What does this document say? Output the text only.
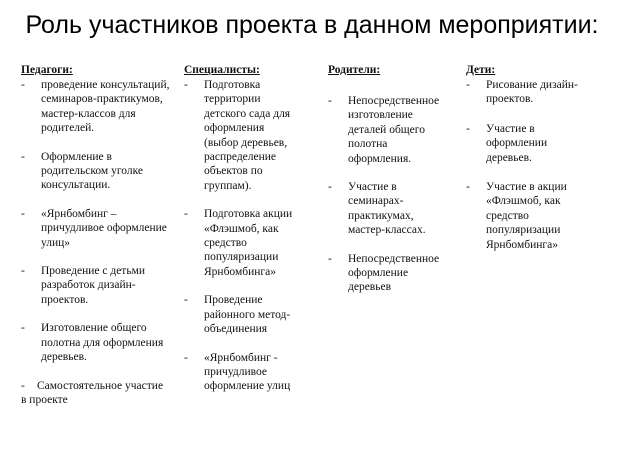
Роль участников проекта в данном мероприятии:
Педагоги:
- проведение консультаций, семинаров-практикумов, мастер-классов для родителей.
- Оформление в родительском уголке консультации.
- «Ярнбомбинг – причудливое оформление улиц»
- Проведение с детьми разработок дизайн-проектов.
- Изготовление общего полотна для оформления деревьев.
- Самостоятельное участие в проекте
Специалисты:
- Подготовка территории детского сада для оформления (выбор деревьев, распределение объектов по группам).
- Подготовка акции «Флэшмоб, как средство популяризации Ярнбомбинга»
- Проведение районного метод-объединения
- «Ярнбомбинг - причудливое оформление улиц
Родители:
- Непосредственное изготовление деталей общего полотна оформления.
- Участие в семинарах-практикумах, мастер-классах.
- Непосредственное оформление деревьев
Дети:
- Рисование дизайн-проектов.
- Участие в оформлении деревьев.
- Участие в акции «Флэшмоб, как средство популяризации Ярнбомбинга»
